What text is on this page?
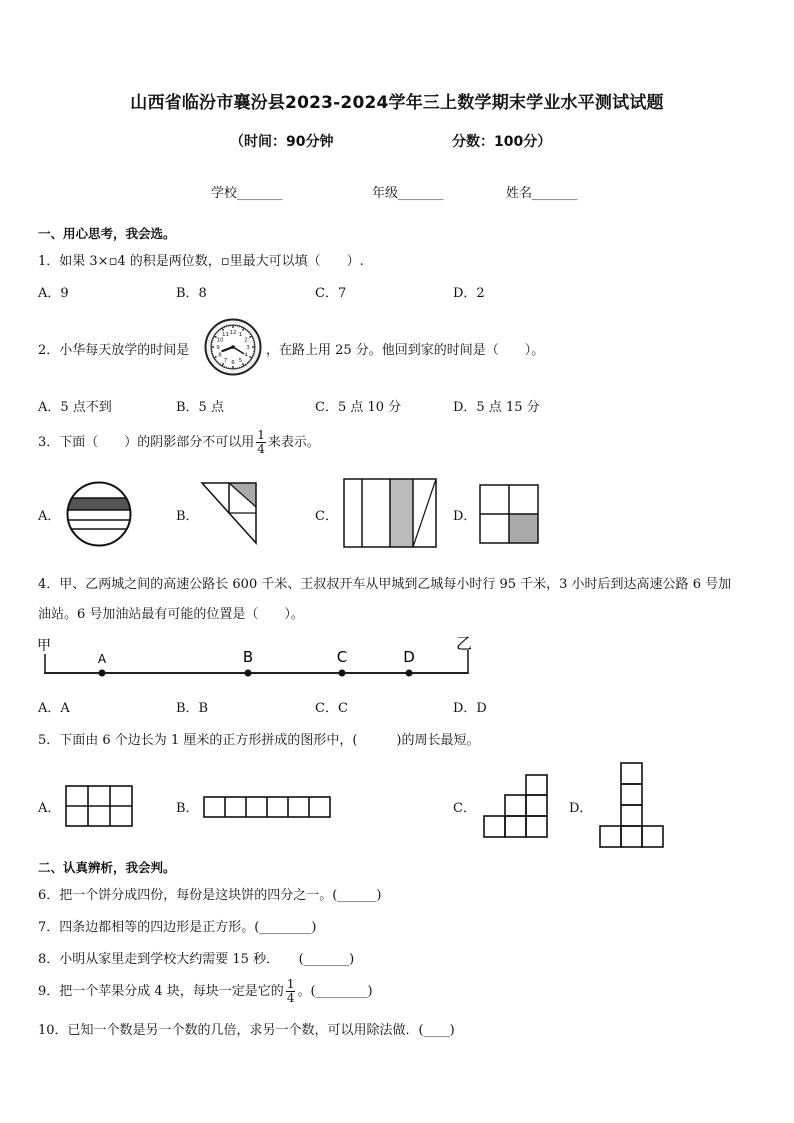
山西省临汾市襄汾县2023-2024学年三上数学期末学业水平测试试题
（时间：90分钟	分数：100分）
学校_______	年级_______	姓名_______
一、用心思考，我会选。
1．如果 3×▫4 的积是两位数，▫里最大可以填（　　）.
A．9	B．8	C．7	D．2
2．小华每天放学的时间是
1
2
3
4
5
6
7
8
9
10
11 12
，在路上用 25 分。他回到家的时间是（　　）。
A．5 点不到	B．5 点	C．5 点 10 分	D．5 点 15 分
3．下面（　　）的阴影部分不可以用 $\frac{1}{4}$ 来表示。
A．	B．	C．	D．
4．甲、乙两城之间的高速公路长 600 千米、王叔叔开车从甲城到乙城每小时行 95 千米，3 小时后到达高速公路 6 号加
油站。6 号加油站最有可能的位置是（　　）。
甲	乙
A	B	C	D
A．A	B．B	C．C	D．D
5．下面由 6 个边长为 1 厘米的正方形拼成的图形中，(　　　)的周长最短。
A．	B．	C．	D．
二、认真辨析，我会判。
6．把一个饼分成四份，每份是这块饼的四分之一。(______)
7．四条边都相等的四边形是正方形。(________)
8．小明从家里走到学校大约需要 15 秒．　　(_______)
9．把一个苹果分成 4 块，每块一定是它的 $\frac{1}{4}$ 。(________)
10．已知一个数是另一个数的几倍，求另一个数，可以用除法做．(____)
